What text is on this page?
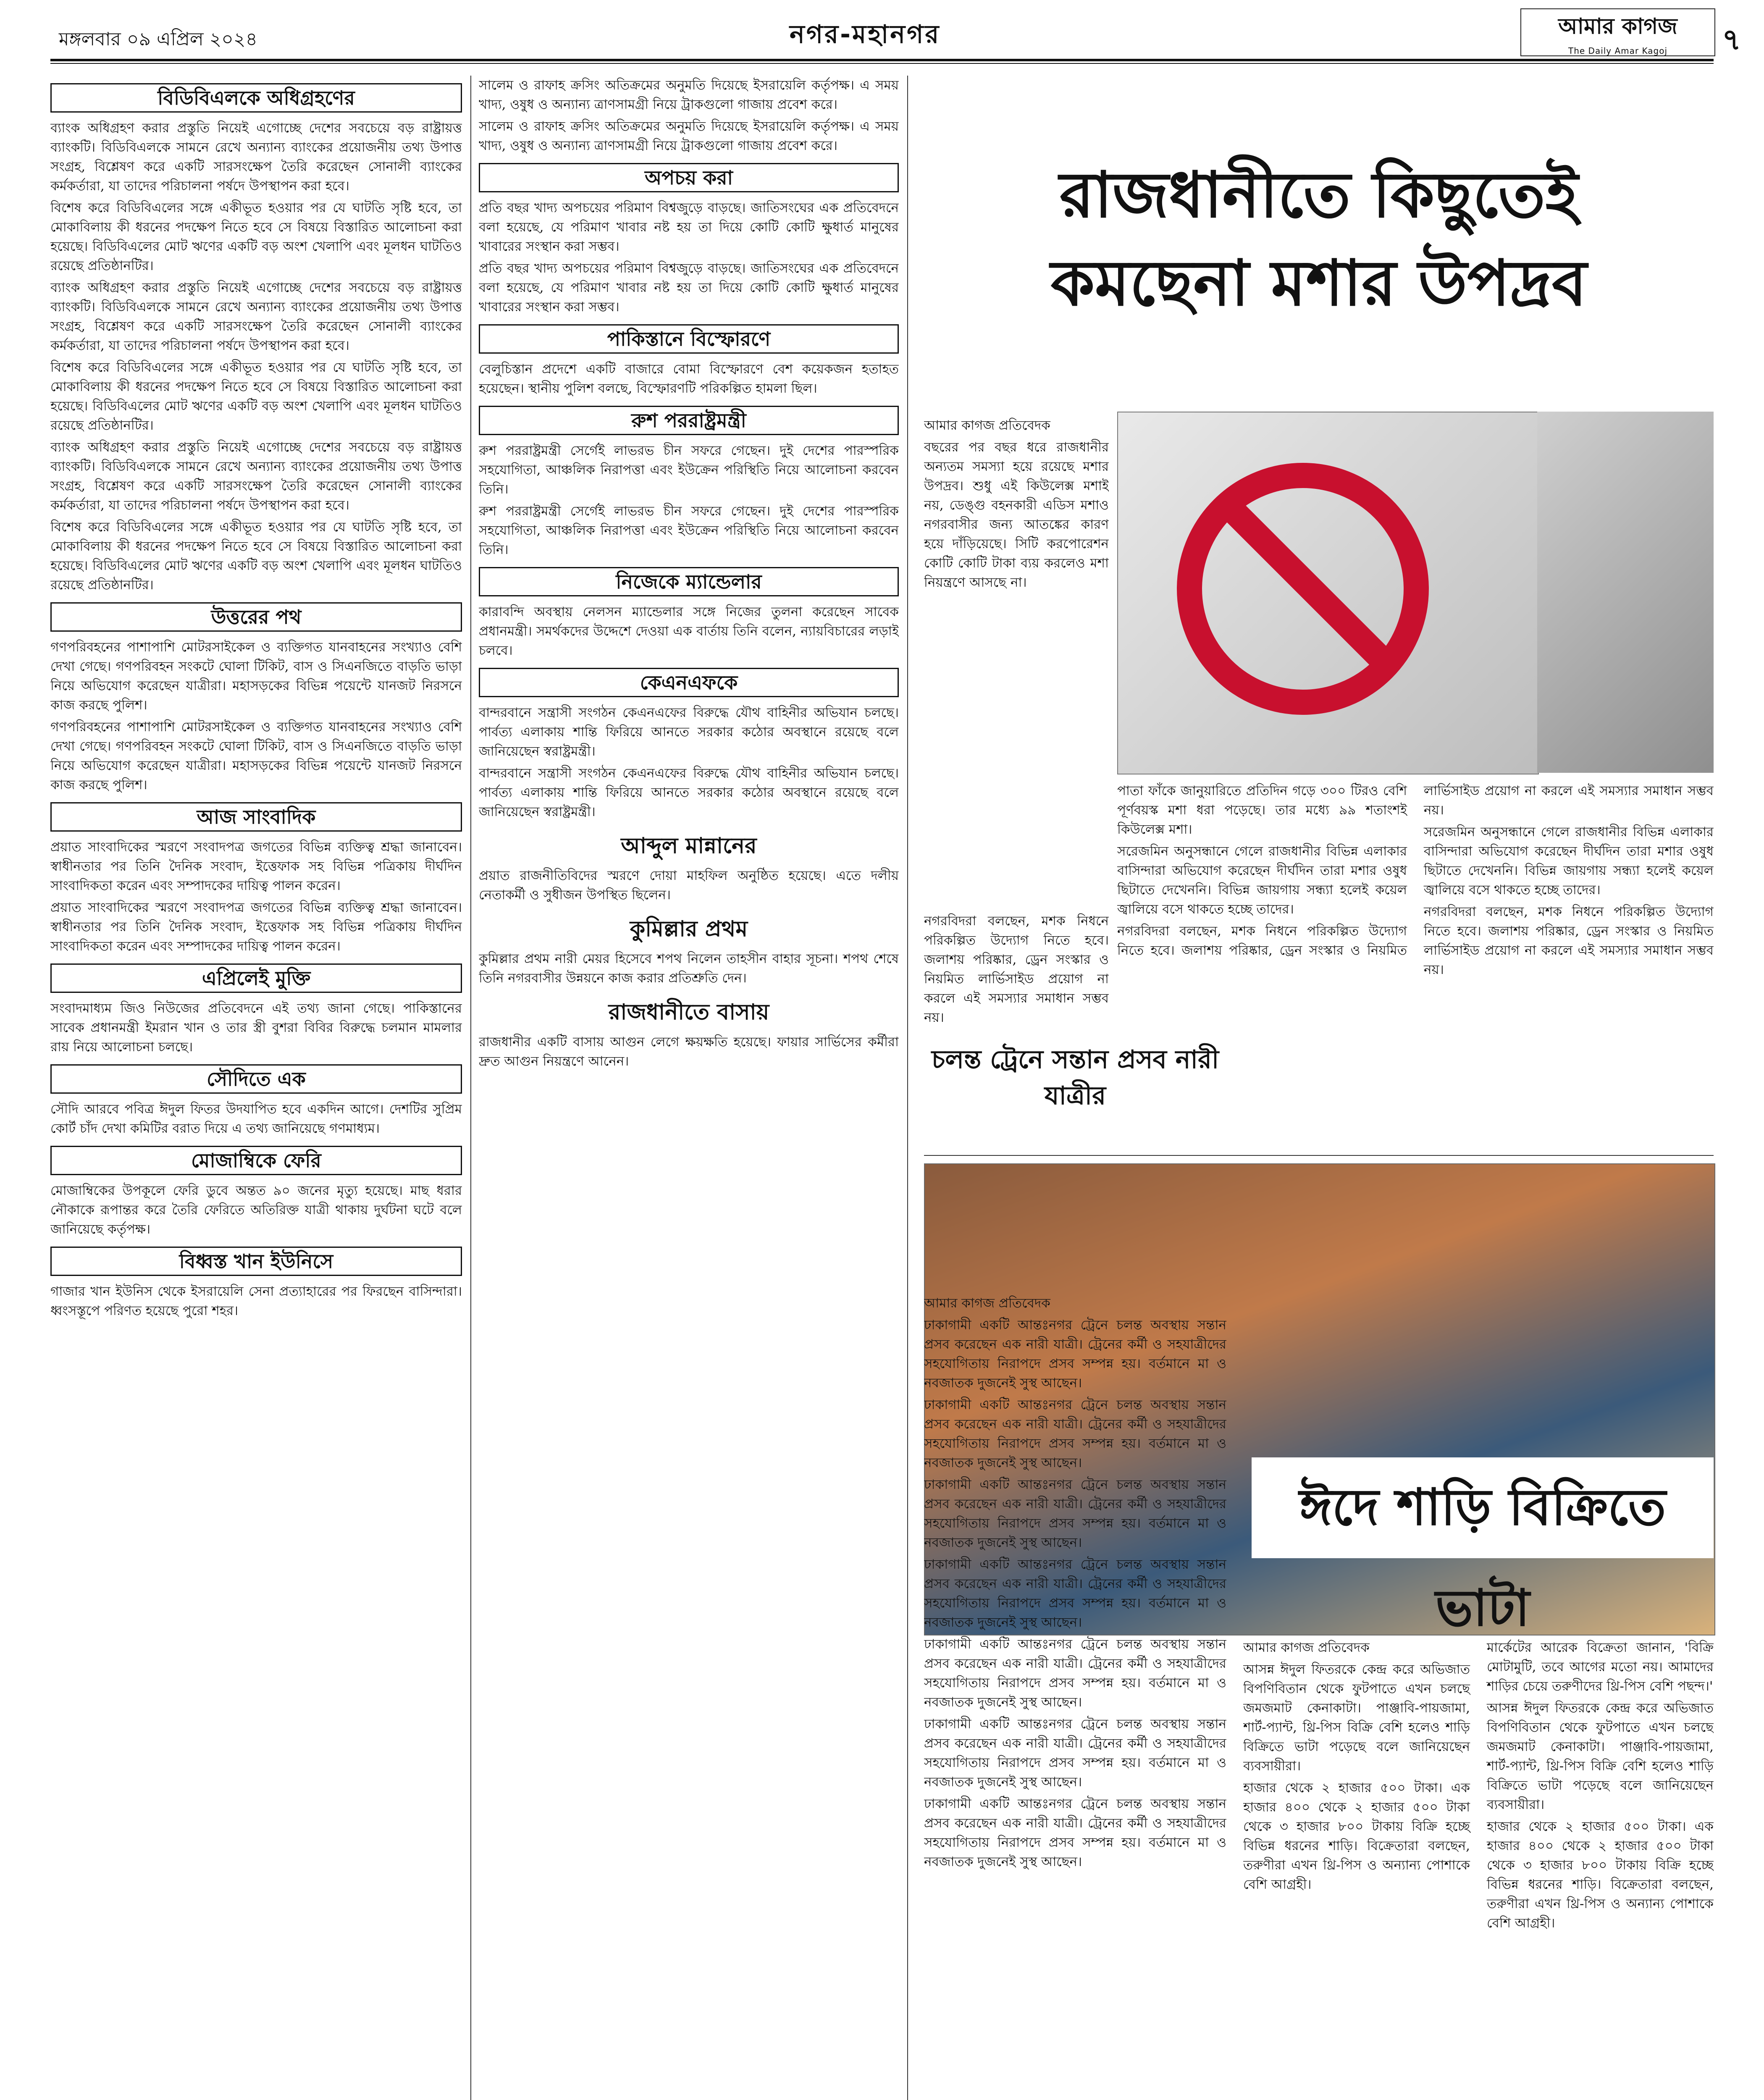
মঙ্গলবার ০৯ এপ্রিল ২০২৪	নগর-মহানগর	আমার কাগজ
The Daily Amar Kagoj ৭
বিডিবিএলকে অধিগ্রহণের

ব্যাংক অধিগ্রহণ করার প্রস্তুতি নিয়েই এগোচ্ছে দেশের সবচেয়ে বড় রাষ্ট্রায়ত্ত ব্যাংকটি। বিডিবিএলকে সামনে রেখে অন্যান্য ব্যাংকের প্রয়োজনীয় তথ্য উপাত্ত সংগ্রহ, বিশ্লেষণ করে একটি সারসংক্ষেপ তৈরি করেছেন সোনালী ব্যাংকের কর্মকর্তারা, যা তাদের পরিচালনা পর্ষদে উপস্থাপন করা হবে।

বিশেষ করে বিডিবিএলের সঙ্গে একীভূত হওয়ার পর যে ঘাটতি সৃষ্টি হবে, তা মোকাবিলায় কী ধরনের পদক্ষেপ নিতে হবে সে বিষয়ে বিস্তারিত আলোচনা করা হয়েছে। বিডিবিএলের মোট ঋণের একটি বড় অংশ খেলাপি এবং মূলধন ঘাটতিও রয়েছে প্রতিষ্ঠানটির।

ব্যাংক অধিগ্রহণ করার প্রস্তুতি নিয়েই এগোচ্ছে দেশের সবচেয়ে বড় রাষ্ট্রায়ত্ত ব্যাংকটি। বিডিবিএলকে সামনে রেখে অন্যান্য ব্যাংকের প্রয়োজনীয় তথ্য উপাত্ত সংগ্রহ, বিশ্লেষণ করে একটি সারসংক্ষেপ তৈরি করেছেন সোনালী ব্যাংকের কর্মকর্তারা, যা তাদের পরিচালনা পর্ষদে উপস্থাপন করা হবে।

বিশেষ করে বিডিবিএলের সঙ্গে একীভূত হওয়ার পর যে ঘাটতি সৃষ্টি হবে, তা মোকাবিলায় কী ধরনের পদক্ষেপ নিতে হবে সে বিষয়ে বিস্তারিত আলোচনা করা হয়েছে। বিডিবিএলের মোট ঋণের একটি বড় অংশ খেলাপি এবং মূলধন ঘাটতিও রয়েছে প্রতিষ্ঠানটির।

ব্যাংক অধিগ্রহণ করার প্রস্তুতি নিয়েই এগোচ্ছে দেশের সবচেয়ে বড় রাষ্ট্রায়ত্ত ব্যাংকটি। বিডিবিএলকে সামনে রেখে অন্যান্য ব্যাংকের প্রয়োজনীয় তথ্য উপাত্ত সংগ্রহ, বিশ্লেষণ করে একটি সারসংক্ষেপ তৈরি করেছেন সোনালী ব্যাংকের কর্মকর্তারা, যা তাদের পরিচালনা পর্ষদে উপস্থাপন করা হবে।

বিশেষ করে বিডিবিএলের সঙ্গে একীভূত হওয়ার পর যে ঘাটতি সৃষ্টি হবে, তা মোকাবিলায় কী ধরনের পদক্ষেপ নিতে হবে সে বিষয়ে বিস্তারিত আলোচনা করা হয়েছে। বিডিবিএলের মোট ঋণের একটি বড় অংশ খেলাপি এবং মূলধন ঘাটতিও রয়েছে প্রতিষ্ঠানটির।

উত্তরের পথ

গণপরিবহনের পাশাপাশি মোটরসাইকেল ও ব্যক্তিগত যানবাহনের সংখ্যাও বেশি দেখা গেছে। গণপরিবহন সংকটে ঘোলা টিকিট, বাস ও সিএনজিতে বাড়তি ভাড়া নিয়ে অভিযোগ করেছেন যাত্রীরা। মহাসড়কের বিভিন্ন পয়েন্টে যানজট নিরসনে কাজ করছে পুলিশ।

গণপরিবহনের পাশাপাশি মোটরসাইকেল ও ব্যক্তিগত যানবাহনের সংখ্যাও বেশি দেখা গেছে। গণপরিবহন সংকটে ঘোলা টিকিট, বাস ও সিএনজিতে বাড়তি ভাড়া নিয়ে অভিযোগ করেছেন যাত্রীরা। মহাসড়কের বিভিন্ন পয়েন্টে যানজট নিরসনে কাজ করছে পুলিশ।

আজ সাংবাদিক

প্রয়াত সাংবাদিকের স্মরণে সংবাদপত্র জগতের বিভিন্ন ব্যক্তিত্ব শ্রদ্ধা জানাবেন। স্বাধীনতার পর তিনি দৈনিক সংবাদ, ইত্তেফাক সহ বিভিন্ন পত্রিকায় দীর্ঘদিন সাংবাদিকতা করেন এবং সম্পাদকের দায়িত্ব পালন করেন।

প্রয়াত সাংবাদিকের স্মরণে সংবাদপত্র জগতের বিভিন্ন ব্যক্তিত্ব শ্রদ্ধা জানাবেন। স্বাধীনতার পর তিনি দৈনিক সংবাদ, ইত্তেফাক সহ বিভিন্ন পত্রিকায় দীর্ঘদিন সাংবাদিকতা করেন এবং সম্পাদকের দায়িত্ব পালন করেন।

এপ্রিলেই মুক্তি

সংবাদমাধ্যম জিও নিউজের প্রতিবেদনে এই তথ্য জানা গেছে। পাকিস্তানের সাবেক প্রধানমন্ত্রী ইমরান খান ও তার স্ত্রী বুশরা বিবির বিরুদ্ধে চলমান মামলার রায় নিয়ে আলোচনা চলছে।

সৌদিতে এক

সৌদি আরবে পবিত্র ঈদুল ফিতর উদযাপিত হবে একদিন আগে। দেশটির সুপ্রিম কোর্ট চাঁদ দেখা কমিটির বরাত দিয়ে এ তথ্য জানিয়েছে গণমাধ্যম।

মোজাম্বিকে ফেরি

মোজাম্বিকের উপকূলে ফেরি ডুবে অন্তত ৯০ জনের মৃত্যু হয়েছে। মাছ ধরার নৌকাকে রূপান্তর করে তৈরি ফেরিতে অতিরিক্ত যাত্রী থাকায় দুর্ঘটনা ঘটে বলে জানিয়েছে কর্তৃপক্ষ।

বিধ্বস্ত খান ইউনিসে

গাজার খান ইউনিস থেকে ইসরায়েলি সেনা প্রত্যাহারের পর ফিরছেন বাসিন্দারা। ধ্বংসস্তূপে পরিণত হয়েছে পুরো শহর।

সালেম ও রাফাহ ক্রসিং অতিক্রমের অনুমতি দিয়েছে ইসরায়েলি কর্তৃপক্ষ। এ সময় খাদ্য, ওষুধ ও অন্যান্য ত্রাণসামগ্রী নিয়ে ট্রাকগুলো গাজায় প্রবেশ করে।

সালেম ও রাফাহ ক্রসিং অতিক্রমের অনুমতি দিয়েছে ইসরায়েলি কর্তৃপক্ষ। এ সময় খাদ্য, ওষুধ ও অন্যান্য ত্রাণসামগ্রী নিয়ে ট্রাকগুলো গাজায় প্রবেশ করে।

অপচয় করা

প্রতি বছর খাদ্য অপচয়ের পরিমাণ বিশ্বজুড়ে বাড়ছে। জাতিসংঘের এক প্রতিবেদনে বলা হয়েছে, যে পরিমাণ খাবার নষ্ট হয় তা দিয়ে কোটি কোটি ক্ষুধার্ত মানুষের খাবারের সংস্থান করা সম্ভব।

প্রতি বছর খাদ্য অপচয়ের পরিমাণ বিশ্বজুড়ে বাড়ছে। জাতিসংঘের এক প্রতিবেদনে বলা হয়েছে, যে পরিমাণ খাবার নষ্ট হয় তা দিয়ে কোটি কোটি ক্ষুধার্ত মানুষের খাবারের সংস্থান করা সম্ভব।

পাকিস্তানে বিস্ফোরণে

বেলুচিস্তান প্রদেশে একটি বাজারে বোমা বিস্ফোরণে বেশ কয়েকজন হতাহত হয়েছেন। স্থানীয় পুলিশ বলছে, বিস্ফোরণটি পরিকল্পিত হামলা ছিল।

রুশ পররাষ্ট্রমন্ত্রী

রুশ পররাষ্ট্রমন্ত্রী সের্গেই লাভরভ চীন সফরে গেছেন। দুই দেশের পারস্পরিক সহযোগিতা, আঞ্চলিক নিরাপত্তা এবং ইউক্রেন পরিস্থিতি নিয়ে আলোচনা করবেন তিনি।

রুশ পররাষ্ট্রমন্ত্রী সের্গেই লাভরভ চীন সফরে গেছেন। দুই দেশের পারস্পরিক সহযোগিতা, আঞ্চলিক নিরাপত্তা এবং ইউক্রেন পরিস্থিতি নিয়ে আলোচনা করবেন তিনি।

নিজেকে ম্যান্ডেলার

কারাবন্দি অবস্থায় নেলসন ম্যান্ডেলার সঙ্গে নিজের তুলনা করেছেন সাবেক প্রধানমন্ত্রী। সমর্থকদের উদ্দেশে দেওয়া এক বার্তায় তিনি বলেন, ন্যায়বিচারের লড়াই চলবে।

কেএনএফকে

বান্দরবানে সন্ত্রাসী সংগঠন কেএনএফের বিরুদ্ধে যৌথ বাহিনীর অভিযান চলছে। পার্বত্য এলাকায় শান্তি ফিরিয়ে আনতে সরকার কঠোর অবস্থানে রয়েছে বলে জানিয়েছেন স্বরাষ্ট্রমন্ত্রী।

বান্দরবানে সন্ত্রাসী সংগঠন কেএনএফের বিরুদ্ধে যৌথ বাহিনীর অভিযান চলছে। পার্বত্য এলাকায় শান্তি ফিরিয়ে আনতে সরকার কঠোর অবস্থানে রয়েছে বলে জানিয়েছেন স্বরাষ্ট্রমন্ত্রী।

আব্দুল মান্নানের

প্রয়াত রাজনীতিবিদের স্মরণে দোয়া মাহফিল অনুষ্ঠিত হয়েছে। এতে দলীয় নেতাকর্মী ও সুধীজন উপস্থিত ছিলেন।

কুমিল্লার প্রথম

কুমিল্লার প্রথম নারী মেয়র হিসেবে শপথ নিলেন তাহসীন বাহার সূচনা। শপথ শেষে তিনি নগরবাসীর উন্নয়নে কাজ করার প্রতিশ্রুতি দেন।

রাজধানীতে বাসায়

রাজধানীর একটি বাসায় আগুন লেগে ক্ষয়ক্ষতি হয়েছে। ফায়ার সার্ভিসের কর্মীরা দ্রুত আগুন নিয়ন্ত্রণে আনেন।

রাজধানীতে কিছুতেই
কমছেনা মশার উপদ্রব

আমার কাগজ প্রতিবেদক

বছরের পর বছর ধরে রাজধানীর অন্যতম সমস্যা হয়ে রয়েছে মশার উপদ্রব। শুধু এই কিউলেক্স মশাই নয়, ডেঙ্গু বহনকারী এডিস মশাও নগরবাসীর জন্য আতঙ্কের কারণ হয়ে দাঁড়িয়েছে। সিটি করপোরেশন কোটি কোটি টাকা ব্যয় করলেও মশা নিয়ন্ত্রণে আসছে না।

পাতা ফাঁকে জানুয়ারিতে প্রতিদিন গড়ে ৩০০ টিরও বেশি পূর্ণবয়স্ক মশা ধরা পড়েছে। তার মধ্যে ৯৯ শতাংশই কিউলেক্স মশা।

সরেজমিন অনুসন্ধানে গেলে রাজধানীর বিভিন্ন এলাকার বাসিন্দারা অভিযোগ করেছেন দীর্ঘদিন তারা মশার ওষুধ ছিটাতে দেখেননি। বিভিন্ন জায়গায় সন্ধ্যা হলেই কয়েল জ্বালিয়ে বসে থাকতে হচ্ছে তাদের।

নগরবিদরা বলছেন, মশক নিধনে পরিকল্পিত উদ্যোগ নিতে হবে। জলাশয় পরিষ্কার, ড্রেন সংস্কার ও নিয়মিত লার্ভিসাইড প্রয়োগ না করলে এই সমস্যার সমাধান সম্ভব নয়।

সরেজমিন অনুসন্ধানে গেলে রাজধানীর বিভিন্ন এলাকার বাসিন্দারা অভিযোগ করেছেন দীর্ঘদিন তারা মশার ওষুধ ছিটাতে দেখেননি। বিভিন্ন জায়গায় সন্ধ্যা হলেই কয়েল জ্বালিয়ে বসে থাকতে হচ্ছে তাদের।

নগরবিদরা বলছেন, মশক নিধনে পরিকল্পিত উদ্যোগ নিতে হবে। জলাশয় পরিষ্কার, ড্রেন সংস্কার ও নিয়মিত লার্ভিসাইড প্রয়োগ না করলে এই সমস্যার সমাধান সম্ভব নয়।

নগরবিদরা বলছেন, মশক নিধনে পরিকল্পিত উদ্যোগ নিতে হবে। জলাশয় পরিষ্কার, ড্রেন সংস্কার ও নিয়মিত লার্ভিসাইড প্রয়োগ না করলে এই সমস্যার সমাধান সম্ভব নয়।

চলন্ত ট্রেনে সন্তান প্রসব নারী যাত্রীর
ঈদে শাড়ি বিক্রিতে ভাটা

আমার কাগজ প্রতিবেদক

ঢাকাগামী একটি আন্তঃনগর ট্রেনে চলন্ত অবস্থায় সন্তান প্রসব করেছেন এক নারী যাত্রী। ট্রেনের কর্মী ও সহযাত্রীদের সহযোগিতায় নিরাপদে প্রসব সম্পন্ন হয়। বর্তমানে মা ও নবজাতক দুজনেই সুস্থ আছেন।

ঢাকাগামী একটি আন্তঃনগর ট্রেনে চলন্ত অবস্থায় সন্তান প্রসব করেছেন এক নারী যাত্রী। ট্রেনের কর্মী ও সহযাত্রীদের সহযোগিতায় নিরাপদে প্রসব সম্পন্ন হয়। বর্তমানে মা ও নবজাতক দুজনেই সুস্থ আছেন।

ঢাকাগামী একটি আন্তঃনগর ট্রেনে চলন্ত অবস্থায় সন্তান প্রসব করেছেন এক নারী যাত্রী। ট্রেনের কর্মী ও সহযাত্রীদের সহযোগিতায় নিরাপদে প্রসব সম্পন্ন হয়। বর্তমানে মা ও নবজাতক দুজনেই সুস্থ আছেন।

ঢাকাগামী একটি আন্তঃনগর ট্রেনে চলন্ত অবস্থায় সন্তান প্রসব করেছেন এক নারী যাত্রী। ট্রেনের কর্মী ও সহযাত্রীদের সহযোগিতায় নিরাপদে প্রসব সম্পন্ন হয়। বর্তমানে মা ও নবজাতক দুজনেই সুস্থ আছেন।

ঢাকাগামী একটি আন্তঃনগর ট্রেনে চলন্ত অবস্থায় সন্তান প্রসব করেছেন এক নারী যাত্রী। ট্রেনের কর্মী ও সহযাত্রীদের সহযোগিতায় নিরাপদে প্রসব সম্পন্ন হয়। বর্তমানে মা ও নবজাতক দুজনেই সুস্থ আছেন।

ঢাকাগামী একটি আন্তঃনগর ট্রেনে চলন্ত অবস্থায় সন্তান প্রসব করেছেন এক নারী যাত্রী। ট্রেনের কর্মী ও সহযাত্রীদের সহযোগিতায় নিরাপদে প্রসব সম্পন্ন হয়। বর্তমানে মা ও নবজাতক দুজনেই সুস্থ আছেন।

ঢাকাগামী একটি আন্তঃনগর ট্রেনে চলন্ত অবস্থায় সন্তান প্রসব করেছেন এক নারী যাত্রী। ট্রেনের কর্মী ও সহযাত্রীদের সহযোগিতায় নিরাপদে প্রসব সম্পন্ন হয়। বর্তমানে মা ও নবজাতক দুজনেই সুস্থ আছেন।

আমার কাগজ প্রতিবেদক

আসন্ন ঈদুল ফিতরকে কেন্দ্র করে অভিজাত বিপণিবিতান থেকে ফুটপাতে এখন চলছে জমজমাট কেনাকাটা। পাঞ্জাবি-পায়জামা, শার্ট-প্যান্ট, থ্রি-পিস বিক্রি বেশি হলেও শাড়ি বিক্রিতে ভাটা পড়েছে বলে জানিয়েছেন ব্যবসায়ীরা।

হাজার থেকে ২ হাজার ৫০০ টাকা। এক হাজার ৪০০ থেকে ২ হাজার ৫০০ টাকা থেকে ৩ হাজার ৮০০ টাকায় বিক্রি হচ্ছে বিভিন্ন ধরনের শাড়ি। বিক্রেতারা বলছেন, তরুণীরা এখন থ্রি-পিস ও অন্যান্য পোশাকে বেশি আগ্রহী।

মার্কেটের আরেক বিক্রেতা জানান, 'বিক্রি মোটামুটি, তবে আগের মতো নয়। আমাদের শাড়ির চেয়ে তরুণীদের থ্রি-পিস বেশি পছন্দ।'

আসন্ন ঈদুল ফিতরকে কেন্দ্র করে অভিজাত বিপণিবিতান থেকে ফুটপাতে এখন চলছে জমজমাট কেনাকাটা। পাঞ্জাবি-পায়জামা, শার্ট-প্যান্ট, থ্রি-পিস বিক্রি বেশি হলেও শাড়ি বিক্রিতে ভাটা পড়েছে বলে জানিয়েছেন ব্যবসায়ীরা।

হাজার থেকে ২ হাজার ৫০০ টাকা। এক হাজার ৪০০ থেকে ২ হাজার ৫০০ টাকা থেকে ৩ হাজার ৮০০ টাকায় বিক্রি হচ্ছে বিভিন্ন ধরনের শাড়ি। বিক্রেতারা বলছেন, তরুণীরা এখন থ্রি-পিস ও অন্যান্য পোশাকে বেশি আগ্রহী।
